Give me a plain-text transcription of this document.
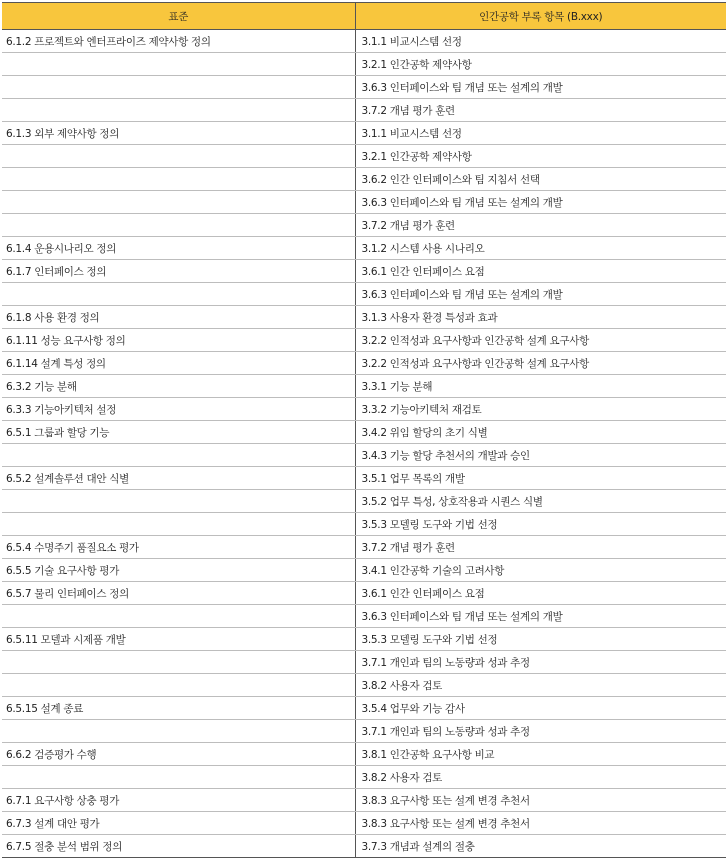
표준	인간공학 부록 항목 (B.xxx)
6.1.2 프로젝트와 엔터프라이즈 제약사항 정의	3.1.1 비교시스템 선정
	3.2.1 인간공학 제약사항
	3.6.3 인터페이스와 팀 개념 또는 설계의 개발
	3.7.2 개념 평가 훈련
6.1.3 외부 제약사항 정의	3.1.1 비교시스템 선정
	3.2.1 인간공학 제약사항
	3.6.2 인간 인터페이스와 팀 지침서 선택
	3.6.3 인터페이스와 팀 개념 또는 설계의 개발
	3.7.2 개념 평가 훈련
6.1.4 운용시나리오 정의	3.1.2 시스템 사용 시나리오
6.1.7 인터페이스 정의	3.6.1 인간 인터페이스 요점
	3.6.3 인터페이스와 팀 개념 또는 설계의 개발
6.1.8 사용 환경 정의	3.1.3 사용자 환경 특성과 효과
6.1.11 성능 요구사항 정의	3.2.2 인적성과 요구사항과 인간공학 설계 요구사항
6.1.14 설계 특성 정의	3.2.2 인적성과 요구사항과 인간공학 설계 요구사항
6.3.2 기능 분해	3.3.1 기능 분해
6.3.3 기능아키텍처 설정	3.3.2 기능아키텍처 재검토
6.5.1 그룹과 할당 기능	3.4.2 위임 할당의 초기 식별
	3.4.3 기능 할당 추천서의 개발과 승인
6.5.2 설계솔루션 대안 식별	3.5.1 업무 목록의 개발
	3.5.2 업무 특성, 상호작용과 시퀀스 식별
	3.5.3 모델링 도구와 기법 선정
6.5.4 수명주기 품질요소 평가	3.7.2 개념 평가 훈련
6.5.5 기술 요구사항 평가	3.4.1 인간공학 기술의 고려사항
6.5.7 물리 인터페이스 정의	3.6.1 인간 인터페이스 요점
	3.6.3 인터페이스와 팀 개념 또는 설계의 개발
6.5.11 모델과 시제품 개발	3.5.3 모델링 도구와 기법 선정
	3.7.1 개인과 팀의 노동량과 성과 추정
	3.8.2 사용자 검토
6.5.15 설계 종료	3.5.4 업무와 기능 감사
	3.7.1 개인과 팀의 노동량과 성과 추정
6.6.2 검증평가 수행	3.8.1 인간공학 요구사항 비교
	3.8.2 사용자 검토
6.7.1 요구사항 상충 평가	3.8.3 요구사항 또는 설계 변경 추천서
6.7.3 설계 대안 평가	3.8.3 요구사항 또는 설계 변경 추천서
6.7.5 절충 분석 범위 정의	3.7.3 개념과 설계의 절충
